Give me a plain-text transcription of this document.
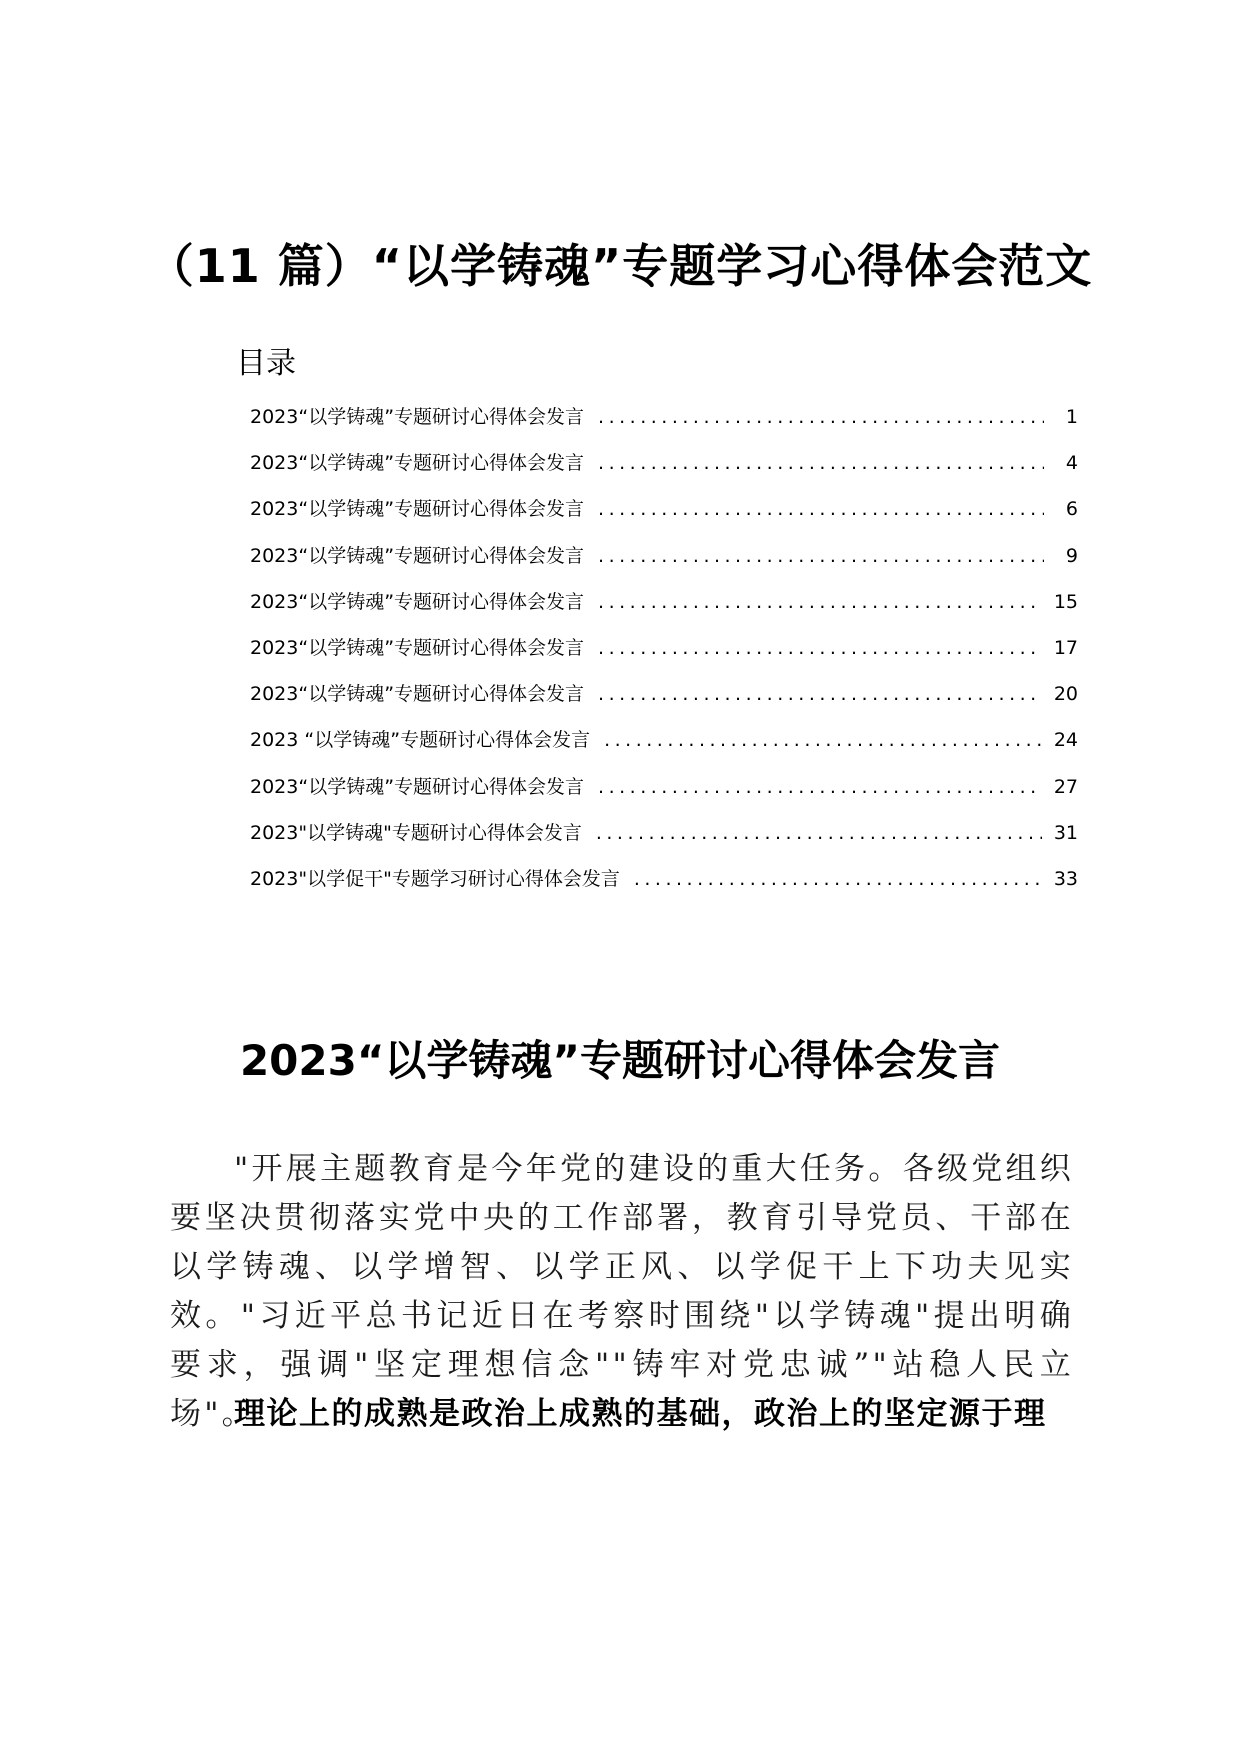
（11 篇）“以学铸魂”专题学习心得体会范文
目录
2023“以学铸魂”专题研讨心得体会发言 .....	1
2023“以学铸魂”专题研讨心得体会发言 .....	4
2023“以学铸魂”专题研讨心得体会发言 .....	6
2023“以学铸魂”专题研讨心得体会发言 .....	9
2023“以学铸魂”专题研讨心得体会发言 .....	15
2023“以学铸魂”专题研讨心得体会发言 .....	17
2023“以学铸魂”专题研讨心得体会发言 .....	20
2023 “以学铸魂”专题研讨心得体会发言 .....	24
2023“以学铸魂”专题研讨心得体会发言 .....	27
2023"以学铸魂"专题研讨心得体会发言 .....	31
2023"以学促干"专题学习研讨心得体会发言 .....	33
2023“以学铸魂”专题研讨心得体会发言

"开展主题教育是今年党的建设的重大任务。各级党组织要坚决贯彻落实党中央的工作部署，教育引导党员、干部在以学铸魂、以学增智、以学正风、以学促干上下功夫见实效。"习近平总书记近日在考察时围绕"以学铸魂"提出明确要求，强调"坚定理想信念""铸牢对党忠诚”"站稳人民立场"。

理论上的成熟是政治上成熟的基础，政治上的坚定源于理
